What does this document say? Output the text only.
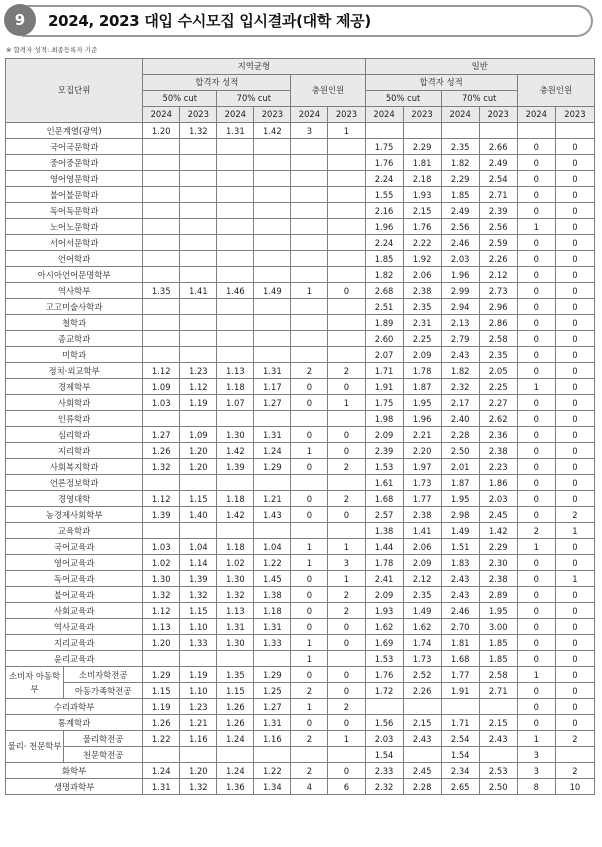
9 2024, 2023 대입 수시모집 입시결과(대학 제공)
※ 합격자 성적: 최종등록자 기준
모집단위		지역균형						일반					
		합격자 성적				충원인원		합격자 성적				충원인원	
		50% cut		70% cut				50% cut		70% cut			
		2024	2023	2024	2023	2024	2023	2024	2023	2024	2023	2024	2023
인문계열(광역)		1.20	1.32	1.31	1.42	3	1						
국어국문학과								1.75	2.29	2.35	2.66	0	0
중어중문학과								1.76	1.81	1.82	2.49	0	0
영어영문학과								2.24	2.18	2.29	2.54	0	0
불어불문학과								1.55	1.93	1.85	2.71	0	0
독어독문학과								2.16	2.15	2.49	2.39	0	0
노어노문학과								1.96	1.76	2.56	2.56	1	0
서어서문학과								2.24	2.22	2.46	2.59	0	0
언어학과								1.85	1.92	2.03	2.26	0	0
아시아언어문명학부								1.82	2.06	1.96	2.12	0	0
역사학부		1.35	1.41	1.46	1.49	1	0	2.68	2.38	2.99	2.73	0	0
고고미술사학과								2.51	2.35	2.94	2.96	0	0
철학과								1.89	2.31	2.13	2.86	0	0
종교학과								2.60	2.25	2.79	2.58	0	0
미학과								2.07	2.09	2.43	2.35	0	0
정치·외교학부		1.12	1.23	1.13	1.31	2	2	1.71	1.78	1.82	2.05	0	0
경제학부		1.09	1.12	1.18	1.17	0	0	1.91	1.87	2.32	2.25	1	0
사회학과		1.03	1.19	1.07	1.27	0	1	1.75	1.95	2.17	2.27	0	0
인류학과								1.98	1.96	2.40	2.62	0	0
심리학과		1.27	1.09	1.30	1.31	0	0	2.09	2.21	2.28	2.36	0	0
지리학과		1.26	1.20	1.42	1.24	1	0	2.39	2.20	2.50	2.38	0	0
사회복지학과		1.32	1.20	1.39	1.29	0	2	1.53	1.97	2.01	2.23	0	0
언론정보학과								1.61	1.73	1.87	1.86	0	0
경영대학		1.12	1.15	1.18	1.21	0	2	1.68	1.77	1.95	2.03	0	0
농경제사회학부		1.39	1.40	1.42	1.43	0	0	2.57	2.38	2.98	2.45	0	2
교육학과								1.38	1.41	1.49	1.42	2	1
국어교육과		1.03	1.04	1.18	1.04	1	1	1.44	2.06	1.51	2.29	1	0
영어교육과		1.02	1.14	1.02	1.22	1	3	1.78	2.09	1.83	2.30	0	0
독어교육과		1.30	1.39	1.30	1.45	0	1	2.41	2.12	2.43	2.38	0	1
불어교육과		1.32	1.32	1.32	1.38	0	2	2.09	2.35	2.43	2.89	0	0
사회교육과		1.12	1.15	1.13	1.18	0	2	1.93	1.49	2.46	1.95	0	0
역사교육과		1.13	1.10	1.31	1.31	0	0	1.62	1.62	2.70	3.00	0	0
지리교육과		1.20	1.33	1.30	1.33	1	0	1.69	1.74	1.81	1.85	0	0
윤리교육과						1		1.53	1.73	1.68	1.85	0	0
소비자 아동학부	소비자학전공	1.29	1.19	1.35	1.29	0	0	1.76	2.52	1.77	2.58	1	0
	아동가족학전공	1.15	1.10	1.15	1.25	2	0	1.72	2.26	1.91	2.71	0	0
수리과학부		1.19	1.23	1.26	1.27	1	2					0	0
통계학과		1.26	1.21	1.26	1.31	0	0	1.56	2.15	1.71	2.15	0	0
물리· 천문학부	물리학전공	1.22	1.16	1.24	1.16	2	1	2.03	2.43	2.54	2.43	1	2
	천문학전공							1.54		1.54		3	
화학부		1.24	1.20	1.24	1.22	2	0	2.33	2.45	2.34	2.53	3	2
생명과학부		1.31	1.32	1.36	1.34	4	6	2.32	2.28	2.65	2.50	8	10
